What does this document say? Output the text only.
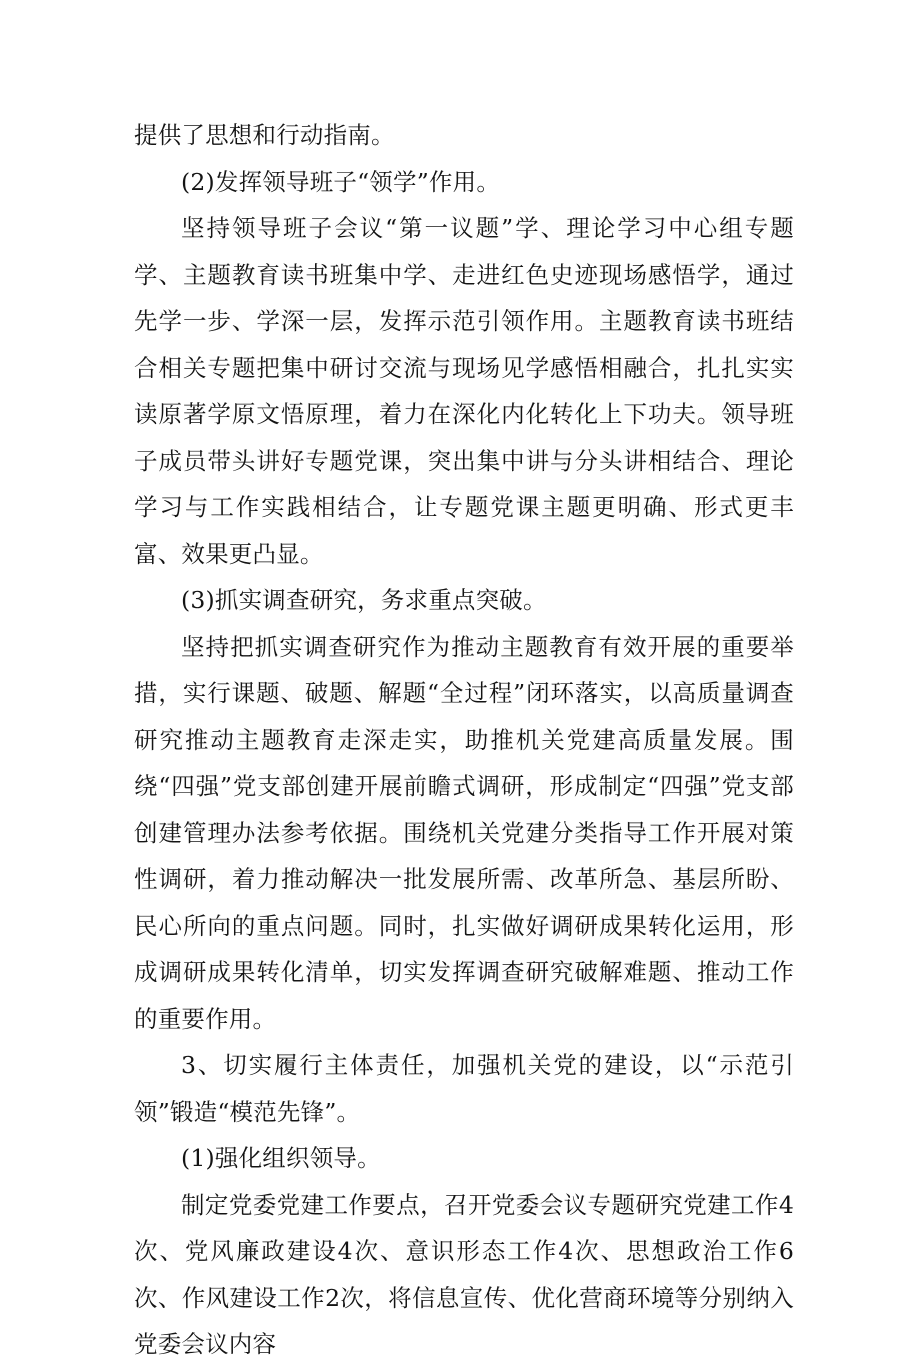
提供了思想和行动指南。

(2)发挥领导班子“领学”作用。

坚持领导班子会议“第一议题”学、理论学习中心组专题学、主题教育读书班集中学、走进红色史迹现场感悟学，通过先学一步、学深一层，发挥示范引领作用。主题教育读书班结合相关专题把集中研讨交流与现场见学感悟相融合，扎扎实实读原著学原文悟原理，着力在深化内化转化上下功夫。领导班子成员带头讲好专题党课，突出集中讲与分头讲相结合、理论学习与工作实践相结合，让专题党课主题更明确、形式更丰富、效果更凸显。

(3)抓实调查研究，务求重点突破。

坚持把抓实调查研究作为推动主题教育有效开展的重要举措，实行课题、破题、解题“全过程”闭环落实，以高质量调查研究推动主题教育走深走实，助推机关党建高质量发展。围绕“四强”党支部创建开展前瞻式调研，形成制定“四强”党支部创建管理办法参考依据。围绕机关党建分类指导工作开展对策性调研，着力推动解决一批发展所需、改革所急、基层所盼、民心所向的重点问题。同时，扎实做好调研成果转化运用，形成调研成果转化清单，切实发挥调查研究破解难题、推动工作的重要作用。

3、切实履行主体责任，加强机关党的建设，以“示范引领”锻造“模范先锋”。

(1)强化组织领导。

制定党委党建工作要点，召开党委会议专题研究党建工作4次、党风廉政建设4次、意识形态工作4次、思想政治工作6次、作风建设工作2次，将信息宣传、优化营商环境等分别纳入党委会议内容
